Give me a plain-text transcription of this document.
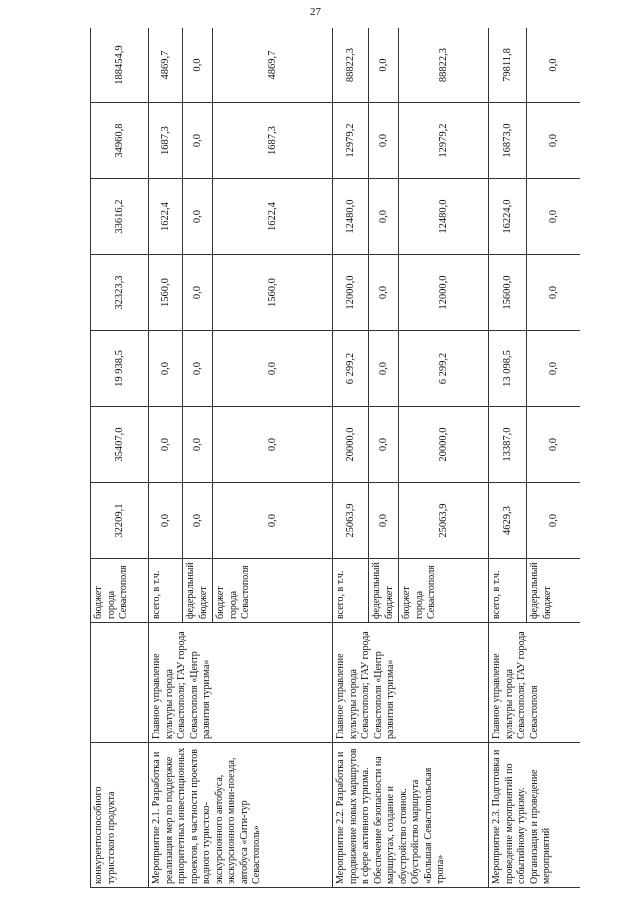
27
конкурентоспособного туристского продукта		бюджет города Севастополя	32209,1	35407,0	19 938,5	32323,3	33616,2	34960,8	188454,9
Мероприятие 2.1. Разработка и реализация мер по поддержке приоритетных инвестиционных проектов, в частности проектов водного туристско-экскурсионного автобуса, экскурсионного мини-поезда, автобуса «Сити-тур Севастополь»	Главное управление культуры города Севастополя; ГАУ города Севастополя «Центр развития туризма»	всего, в т.ч.	0,0	0,0	0,0	1560,0	1622,4	1687,3	4869,7
		федеральный бюджет	0,0	0,0	0,0	0,0	0,0	0,0	0,0
		бюджет города Севастополя	0,0	0,0	0,0	1560,0	1622,4	1687,3	4869,7
Мероприятие 2.2. Разработка и продвижение новых маршрутов в сфере активного туризма. Обеспечение безопасности на маршрутах, создание и обустройство стоянок. Обустройство маршрута «Большая Севастопольская тропа»	Главное управление культуры города Севастополя; ГАУ города Севастополя «Центр развития туризма»	всего, в т.ч.	25063,9	20000,0	6 299,2	12000,0	12480,0	12979,2	88822,3
		федеральный бюджет	0,0	0,0	0,0	0,0	0,0	0,0	0,0
		бюджет города Севастополя	25063,9	20000,0	6 299,2	12000,0	12480,0	12979,2	88822,3
Мероприятие 2.3. Подготовка и проведение мероприятий по событийному туризму. Организация и проведение мероприятий	Главное управление культуры города Севастополя; ГАУ города Севастополя	всего, в т.ч.	4629,3	13387,0	13 098,5	15600,0	16224,0	16873,0	79811,8
		федеральный бюджет	0,0	0,0	0,0	0,0	0,0	0,0	0,0
